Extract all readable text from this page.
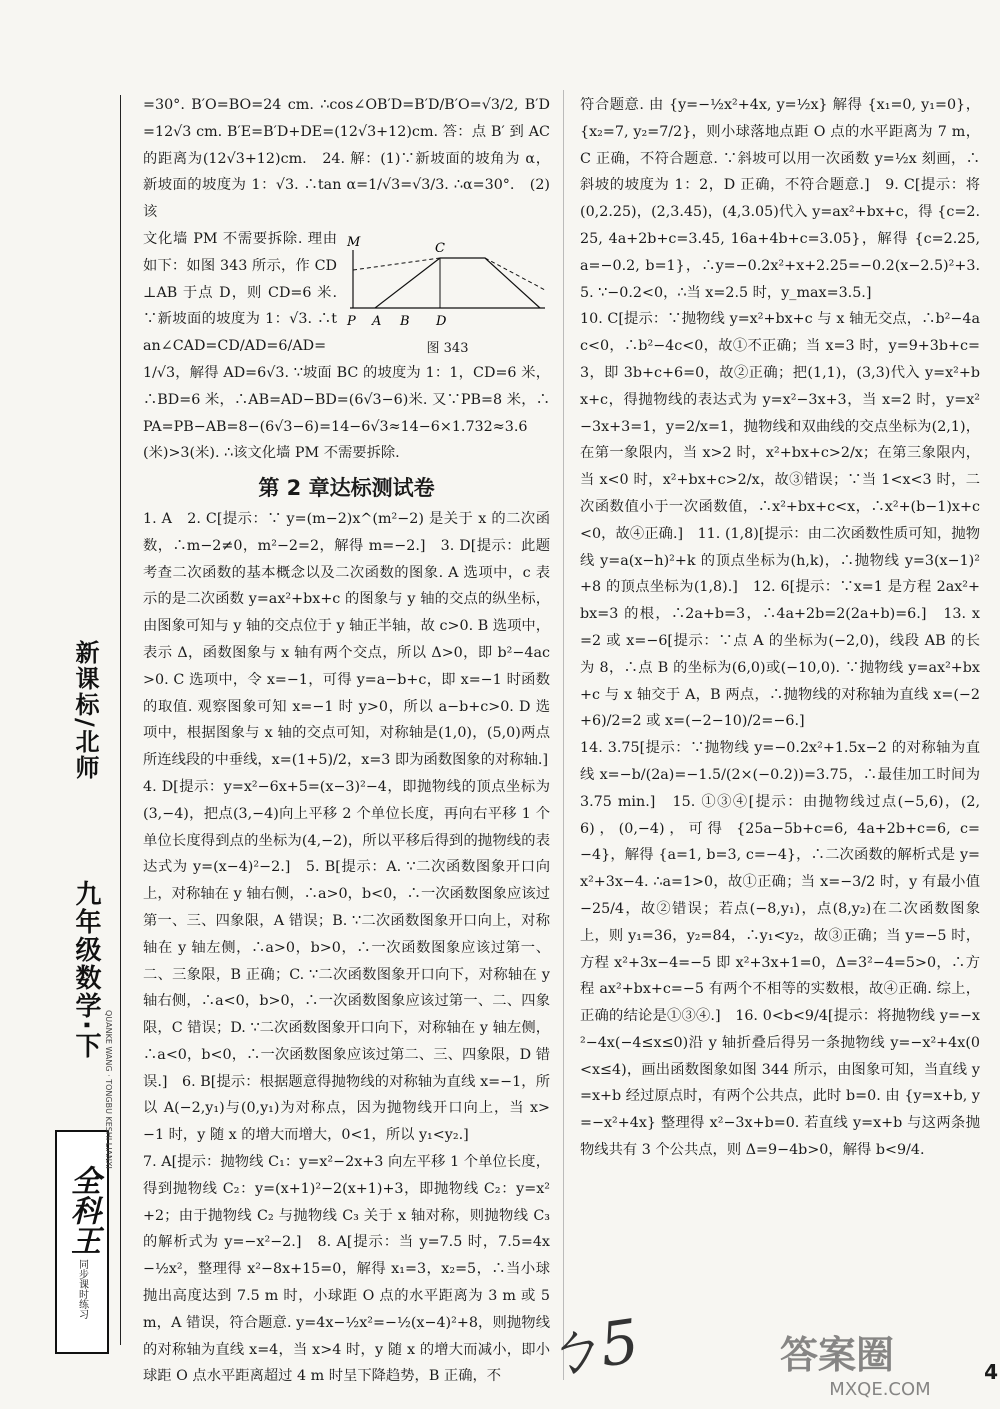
九年级数学·下
新课标/北师
全科王
同步课时练习
QUANKE WANG · TONGBU KESHI LIANXI

=30°. B′O=BO=24 cm. ∴cos∠OB′D=B′D/B′O=√3/2, B′D=12√3 cm. B′E=B′D+DE=(12√3+12)cm. 答：点 B′ 到 AC 的距离为(12√3+12)cm.　24. 解：(1)∵新坡面的坡角为 α，新坡面的坡度为 1：√3. ∴tan α=1/√3=√3/3. ∴α=30°.　(2)该

M	C
P A B D
图 343

文化墙 PM 不需要拆除. 理由如下：如图 343 所示，作 CD⊥AB 于点 D，则 CD=6 米. ∵新坡面的坡度为 1：√3. ∴tan∠CAD=CD/AD=6/AD=

1/√3，解得 AD=6√3. ∵坡面 BC 的坡度为 1：1，CD=6 米，∴BD=6 米，∴AB=AD−BD=(6√3−6)米. 又∵PB=8 米，∴PA=PB−AB=8−(6√3−6)=14−6√3≈14−6×1.732≈3.6(米)>3(米). ∴该文化墙 PM 不需要拆除.

第 2 章达标测试卷

1. A　2. C[提示：∵ y=(m−2)x^(m²−2) 是关于 x 的二次函数，∴m−2≠0，m²−2=2，解得 m=−2.]　3. D[提示：此题考查二次函数的基本概念以及二次函数的图象. A 选项中，c 表示的是二次函数 y=ax²+bx+c 的图象与 y 轴的交点的纵坐标，由图象可知与 y 轴的交点位于 y 轴正半轴，故 c>0. B 选项中，表示 Δ，函数图象与 x 轴有两个交点，所以 Δ>0，即 b²−4ac>0. C 选项中，令 x=−1，可得 y=a−b+c，即 x=−1 时函数的取值. 观察图象可知 x=−1 时 y>0，所以 a−b+c>0. D 选项中，根据图象与 x 轴的交点可知，对称轴是(1,0)，(5,0)两点所连线段的中垂线，x=(1+5)/2，x=3 即为函数图象的对称轴.]

4. D[提示：y=x²−6x+5=(x−3)²−4，即抛物线的顶点坐标为(3,−4)，把点(3,−4)向上平移 2 个单位长度，再向右平移 1 个单位长度得到点的坐标为(4,−2)，所以平移后得到的抛物线的表达式为 y=(x−4)²−2.]　5. B[提示：A. ∵二次函数图象开口向上，对称轴在 y 轴右侧，∴a>0，b<0，∴一次函数图象应该过第一、三、四象限，A 错误；B. ∵二次函数图象开口向上，对称轴在 y 轴左侧，∴a>0，b>0，∴一次函数图象应该过第一、二、三象限，B 正确；C. ∵二次函数图象开口向下，对称轴在 y 轴右侧，∴a<0，b>0，∴一次函数图象应该过第一、二、四象限，C 错误；D. ∵二次函数图象开口向下，对称轴在 y 轴左侧，∴a<0，b<0，∴一次函数图象应该过第二、三、四象限，D 错误.]　6. B[提示：根据题意得抛物线的对称轴为直线 x=−1，所以 A(−2,y₁)与(0,y₁)为对称点，因为抛物线开口向上，当 x>−1 时，y 随 x 的增大而增大，0<1，所以 y₁<y₂.]

7. A[提示：抛物线 C₁：y=x²−2x+3 向左平移 1 个单位长度，得到抛物线 C₂：y=(x+1)²−2(x+1)+3，即抛物线 C₂：y=x²+2；由于抛物线 C₂ 与抛物线 C₃ 关于 x 轴对称，则抛物线 C₃ 的解析式为 y=−x²−2.]　8. A[提示：当 y=7.5 时，7.5=4x−½x²，整理得 x²−8x+15=0，解得 x₁=3，x₂=5，∴当小球抛出高度达到 7.5 m 时，小球距 O 点的水平距离为 3 m 或 5 m，A 错误，符合题意. y=4x−½x²=−½(x−4)²+8，则抛物线的对称轴为直线 x=4，当 x>4 时，y 随 x 的增大而减小，即小球距 O 点水平距离超过 4 m 时呈下降趋势，B 正确，不

符合题意. 由 {y=−½x²+4x, y=½x} 解得 {x₁=0, y₁=0}，{x₂=7, y₂=7/2}，则小球落地点距 O 点的水平距离为 7 m，C 正确，不符合题意. ∵斜坡可以用一次函数 y=½x 刻画，∴斜坡的坡度为 1：2，D 正确，不符合题意.]　9. C[提示：将(0,2.25)，(2,3.45)，(4,3.05)代入 y=ax²+bx+c，得 {c=2.25, 4a+2b+c=3.45, 16a+4b+c=3.05}，解得 {c=2.25, a=−0.2, b=1}，∴y=−0.2x²+x+2.25=−0.2(x−2.5)²+3.5. ∵−0.2<0，∴当 x=2.5 时，y_max=3.5.]

10. C[提示：∵抛物线 y=x²+bx+c 与 x 轴无交点，∴b²−4ac<0，∴b²−4c<0，故①不正确；当 x=3 时，y=9+3b+c=3，即 3b+c+6=0，故②正确；把(1,1)，(3,3)代入 y=x²+bx+c，得抛物线的表达式为 y=x²−3x+3，当 x=2 时，y=x²−3x+3=1，y=2/x=1，抛物线和双曲线的交点坐标为(2,1)，在第一象限内，当 x>2 时，x²+bx+c>2/x；在第三象限内，当 x<0 时，x²+bx+c>2/x，故③错误；∵当 1<x<3 时，二次函数值小于一次函数值，∴x²+bx+c<x，∴x²+(b−1)x+c<0，故④正确.]　11. (1,8)[提示：由二次函数性质可知，抛物线 y=a(x−h)²+k 的顶点坐标为(h,k)，∴抛物线 y=3(x−1)²+8 的顶点坐标为(1,8).]　12. 6[提示：∵x=1 是方程 2ax²+bx=3 的根，∴2a+b=3，∴4a+2b=2(2a+b)=6.]　13. x=2 或 x=−6[提示：∵点 A 的坐标为(−2,0)，线段 AB 的长为 8，∴点 B 的坐标为(6,0)或(−10,0). ∵抛物线 y=ax²+bx+c 与 x 轴交于 A，B 两点，∴抛物线的对称轴为直线 x=(−2+6)/2=2 或 x=(−2−10)/2=−6.]

14. 3.75[提示：∵抛物线 y=−0.2x²+1.5x−2 的对称轴为直线 x=−b/(2a)=−1.5/(2×(−0.2))=3.75，∴最佳加工时间为 3.75 min.]　15. ①③④[提示：由抛物线过点(−5,6)，(2,6)，(0,−4)，可得 {25a−5b+c=6, 4a+2b+c=6, c=−4}，解得 {a=1, b=3, c=−4}，∴二次函数的解析式是 y=x²+3x−4. ∴a=1>0，故①正确；当 x=−3/2 时，y 有最小值 −25/4，故②错误；若点(−8,y₁)，点(8,y₂)在二次函数图象上，则 y₁=36，y₂=84，∴y₁<y₂，故③正确；当 y=−5 时，方程 x²+3x−4=−5 即 x²+3x+1=0，Δ=3²−4=5>0，∴方程 ax²+bx+c=−5 有两个不相等的实数根，故④正确. 综上，正确的结论是①③④.]　16. 0<b<9/4[提示：将抛物线 y=−x²−4x(−4≤x≤0)沿 y 轴折叠后得另一条抛物线 y=−x²+4x(0<x≤4)，画出函数图象如图 344 所示，由图象可知，当直线 y=x+b 经过原点时，有两个公共点，此时 b=0. 由 {y=x+b, y=−x²+4x} 整理得 x²−3x+b=0. 若直线 y=x+b 与这两条抛物线共有 3 个公共点，则 Δ=9−4b>0，解得 b<9/4.

ㄅ5	4
答案圈
MXQE.COM
